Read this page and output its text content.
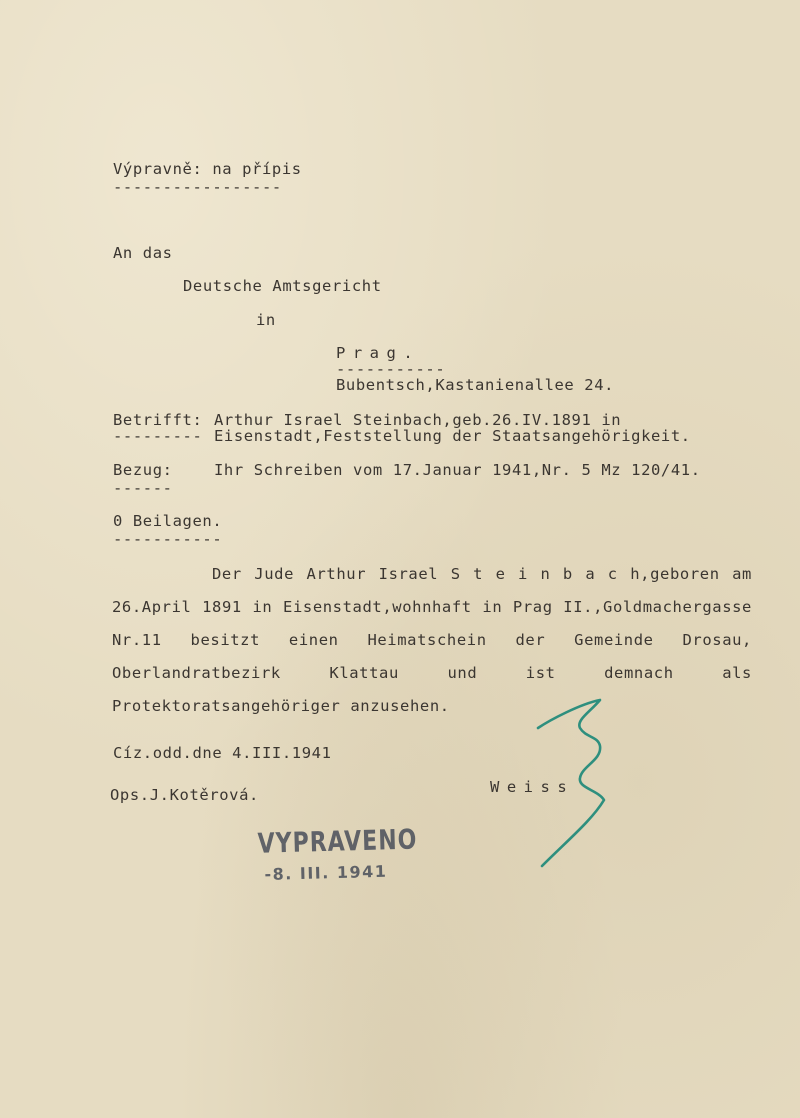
Výpravně: na přípis
-----------------
An das
Deutsche Amtsgericht
in
Prag.
-----------
Bubentsch,Kastanienallee 24.
Betrifft: Arthur Israel Steinbach,geb.26.IV.1891 in
--------- Eisenstadt,Feststellung der Staatsangehörigkeit.
Bezug:	Ihr Schreiben vom 17.Januar 1941,Nr. 5 Mz 120/41.
------
0 Beilagen.
-----------

Der Jude Arthur Israel S t e i n b a c h,geboren am 26.April 1891 in Eisenstadt,wohnhaft in Prag II.,Goldmachergasse Nr.11 besitzt einen Heimatschein der Gemeinde Drosau, Oberlandratbezirk Klattau und ist demnach als Protektoratsangehöriger anzusehen.

Cíz.odd.dne 4.III.1941
Ops.J.Kotěrová.	Weiss
VYPRAVENO
-8. III. 1941
